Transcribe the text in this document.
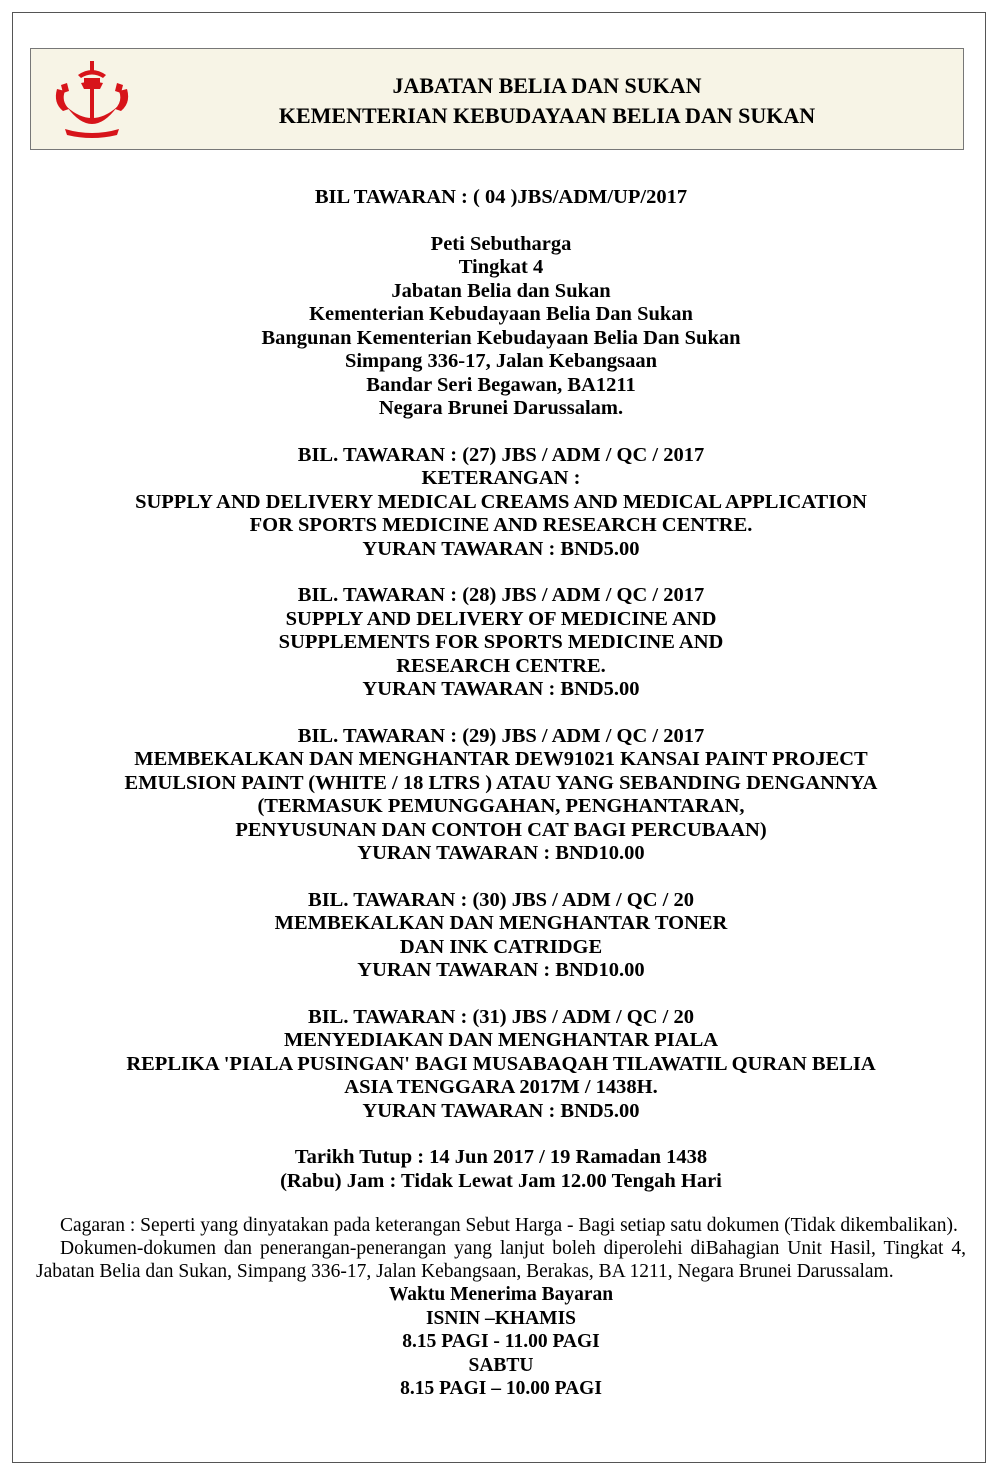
JABATAN BELIA DAN SUKAN
KEMENTERIAN KEBUDAYAAN BELIA DAN SUKAN
BIL TAWARAN : ( 04 )JBS/ADM/UP/2017
Peti Sebutharga
Tingkat 4
Jabatan Belia dan Sukan
Kementerian Kebudayaan Belia Dan Sukan
Bangunan Kementerian Kebudayaan Belia Dan Sukan
Simpang 336-17, Jalan Kebangsaan
Bandar Seri Begawan, BA1211
Negara Brunei Darussalam.
BIL. TAWARAN : (27) JBS / ADM / QC / 2017
KETERANGAN :
SUPPLY AND DELIVERY MEDICAL CREAMS AND MEDICAL APPLICATION
FOR SPORTS MEDICINE AND RESEARCH CENTRE.
YURAN TAWARAN : BND5.00
BIL. TAWARAN : (28) JBS / ADM / QC / 2017
SUPPLY AND DELIVERY OF MEDICINE AND
SUPPLEMENTS FOR SPORTS MEDICINE AND
RESEARCH CENTRE.
YURAN TAWARAN : BND5.00
BIL. TAWARAN : (29) JBS / ADM / QC / 2017
MEMBEKALKAN DAN MENGHANTAR DEW91021 KANSAI PAINT PROJECT
EMULSION PAINT (WHITE / 18 LTRS ) ATAU YANG SEBANDING DENGANNYA
(TERMASUK PEMUNGGAHAN, PENGHANTARAN,
PENYUSUNAN DAN CONTOH CAT BAGI PERCUBAAN)
YURAN TAWARAN : BND10.00
BIL. TAWARAN : (30) JBS / ADM / QC / 20
MEMBEKALKAN DAN MENGHANTAR TONER
DAN INK CATRIDGE
YURAN TAWARAN : BND10.00
BIL. TAWARAN : (31) JBS / ADM / QC / 20
MENYEDIAKAN DAN MENGHANTAR PIALA
REPLIKA 'PIALA PUSINGAN' BAGI MUSABAQAH TILAWATIL QURAN BELIA
ASIA TENGGARA 2017M / 1438H.
YURAN TAWARAN : BND5.00
Tarikh Tutup : 14 Jun 2017 / 19 Ramadan 1438
(Rabu) Jam : Tidak Lewat Jam 12.00 Tengah Hari

Cagaran : Seperti yang dinyatakan pada keterangan Sebut Harga - Bagi setiap satu dokumen (Tidak dikembalikan).

Dokumen-dokumen dan penerangan-penerangan yang lanjut boleh diperolehi diBahagian Unit Hasil, Tingkat 4, Jabatan Belia dan Sukan, Simpang 336-17, Jalan Kebangsaan, Berakas, BA 1211, Negara Brunei Darussalam.

Waktu Menerima Bayaran
ISNIN –KHAMIS
8.15 PAGI - 11.00 PAGI
SABTU
8.15 PAGI – 10.00 PAGI
